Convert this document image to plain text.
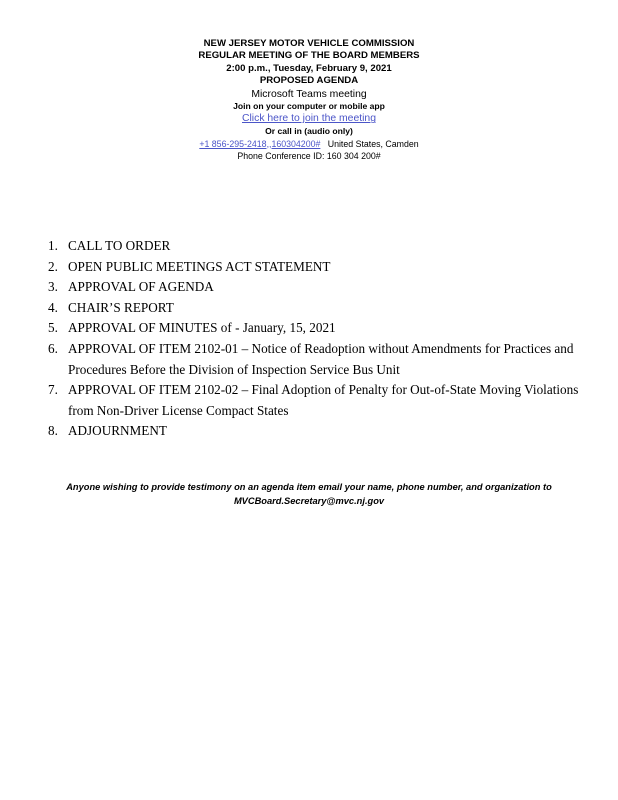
NEW JERSEY MOTOR VEHICLE COMMISSION
REGULAR MEETING OF THE BOARD MEMBERS
2:00 p.m., Tuesday, February 9, 2021
PROPOSED AGENDA
Microsoft Teams meeting
Join on your computer or mobile app
Click here to join the meeting
Or call in (audio only)
+1 856-295-2418,,160304200# United States, Camden
Phone Conference ID: 160 304 200#
1. CALL TO ORDER
2. OPEN PUBLIC MEETINGS ACT STATEMENT
3. APPROVAL OF AGENDA
4. CHAIR’S REPORT
5. APPROVAL OF MINUTES of - January, 15, 2021
6. APPROVAL OF ITEM 2102-01 – Notice of Readoption without Amendments for Practices and Procedures Before the Division of Inspection Service Bus Unit
7. APPROVAL OF ITEM 2102-02 – Final Adoption of Penalty for Out-of-State Moving Violations from Non-Driver License Compact States
8. ADJOURNMENT
Anyone wishing to provide testimony on an agenda item email your name, phone number, and organization to
MVCBoard.Secretary@mvc.nj.gov
